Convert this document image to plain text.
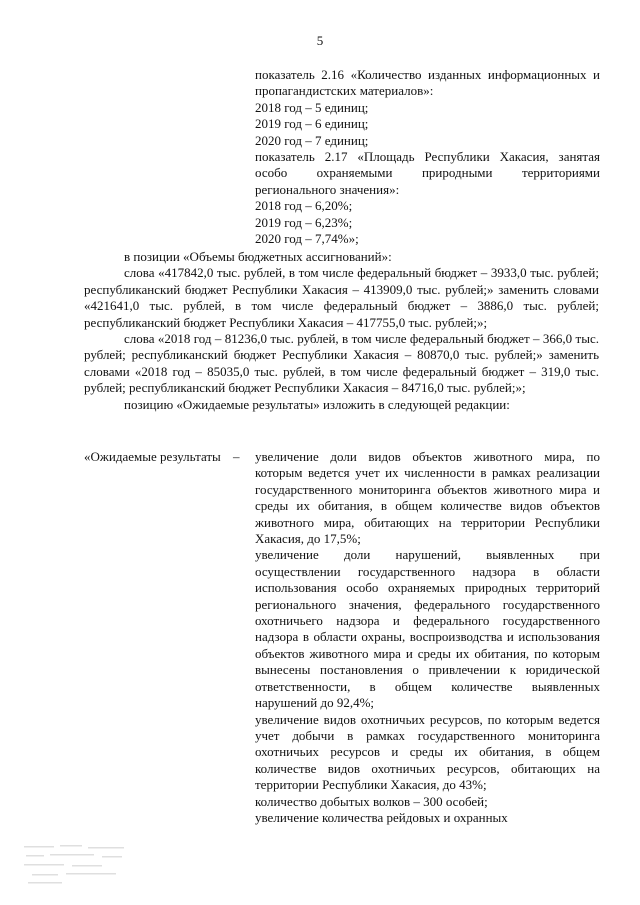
5

показатель 2.16 «Количество изданных информационных и пропагандистских материалов»:

2018 год – 5 единиц;

2019 год – 6 единиц;

2020 год – 7 единиц;

показатель 2.17 «Площадь Республики Хакасия, занятая особо охраняемыми природными территориями регионального значения»:

2018 год – 6,20%;

2019 год – 6,23%;

2020 год – 7,74%»;

в позиции «Объемы бюджетных ассигнований»:

слова «417842,0 тыс. рублей, в том числе федеральный бюджет – 3933,0 тыс. рублей; республиканский бюджет Республики Хакасия – 413909,0 тыс. рублей;» заменить словами «421641,0 тыс. рублей, в том числе федеральный бюджет – 3886,0 тыс. рублей; республиканский бюджет Республики Хакасия – 417755,0 тыс. рублей;»;

слова «2018 год – 81236,0 тыс. рублей, в том числе федеральный бюджет – 366,0 тыс. рублей; республиканский бюджет Республики Хакасия – 80870,0 тыс. рублей;» заменить словами «2018 год – 85035,0 тыс. рублей, в том числе федеральный бюджет – 319,0 тыс. рублей; республиканский бюджет Республики Хакасия – 84716,0 тыс. рублей;»;

позицию «Ожидаемые результаты» изложить в следующей редакции:

«Ожидаемые результаты – увеличение доли видов объектов животного мира, по которым ведется учет их численности в рамках реализации государственного мониторинга объектов животного мира и среды их обитания, в общем количестве видов объектов животного мира, обитающих на территории Республики Хакасия, до 17,5%;

увеличение доли нарушений, выявленных при осуществлении государственного надзора в области использования особо охраняемых природных территорий регионального значения, федерального государственного охотничьего надзора и федерального государственного надзора в области охраны, воспроизводства и использования объектов животного мира и среды их обитания, по которым вынесены постановления о привлечении к юридической ответственности, в общем количестве выявленных нарушений до 92,4%;

увеличение видов охотничьих ресурсов, по которым ведется учет добычи в рамках государственного мониторинга охотничьих ресурсов и среды их обитания, в общем количестве видов охотничьих ресурсов, обитающих на территории Республики Хакасия, до 43%;

количество добытых волков – 300 особей;

увеличение количества рейдовых и охранных
